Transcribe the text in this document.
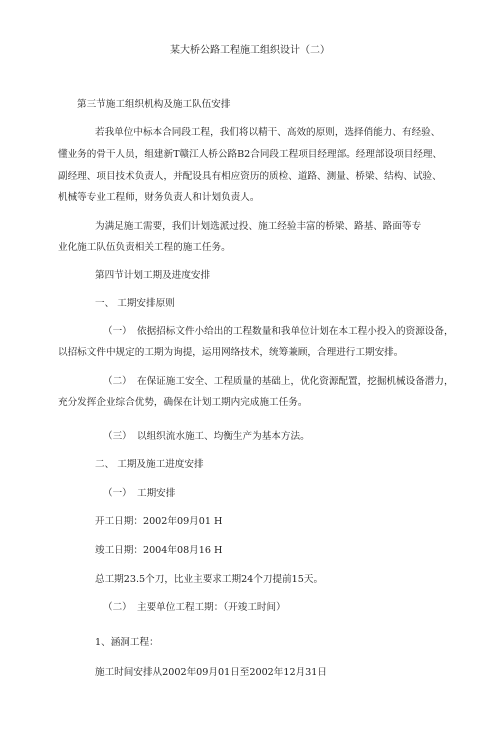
某大桥公路工程施工组织设计（二）
第三节施工组织机构及施工队伍安排
若我单位中标本合同段工程，我们将以精干、高效的原则，选择俏能力、有经验、
懂业务的骨干人员，组建新T赣江人桥公路B2合同段工程项目经理部。经理部设项目经理、
副经理、项目技术负责人，并配设具有相应资历的质检、道路、测量、桥梁、结构、试验、
机械等专业工程师，财务负责人和计划负责人。
为满足施工需要，我们计划选派过投、施工经验丰富的桥梁、路基、路面等专
业化施工队伍负责相关工程的施工任务。
第四节计划工期及进度安排
一、 工期安排原则
（一） 依据招标文件小给出的工程数量和我单位计划在本工程小投入的资源设备，
以招标文件中规定的工期为询提，运用网络技术，统筹兼顾，合理进行工期安排。
（二） 在保证施工安全、工程质量的基础上，优化资源配置，挖掘机械设备潜力，
充分发挥企业综合优势，确保在计划工期内完成施工任务。
（三） 以组织流水施工、均衡生产为基本方法。
二、 工期及施工进度安排
（一） 工期安排
开工日期：2002年09月01 H
竣工日期：2004年08月16 H
总工期23.5个刀，比业主要求工期24个刀提前15天。
（二） 主要单位工程工期：（开竣工时间）
1、涵洞工程：
施工时间安排从2002年09月01日至2002年12月31日
